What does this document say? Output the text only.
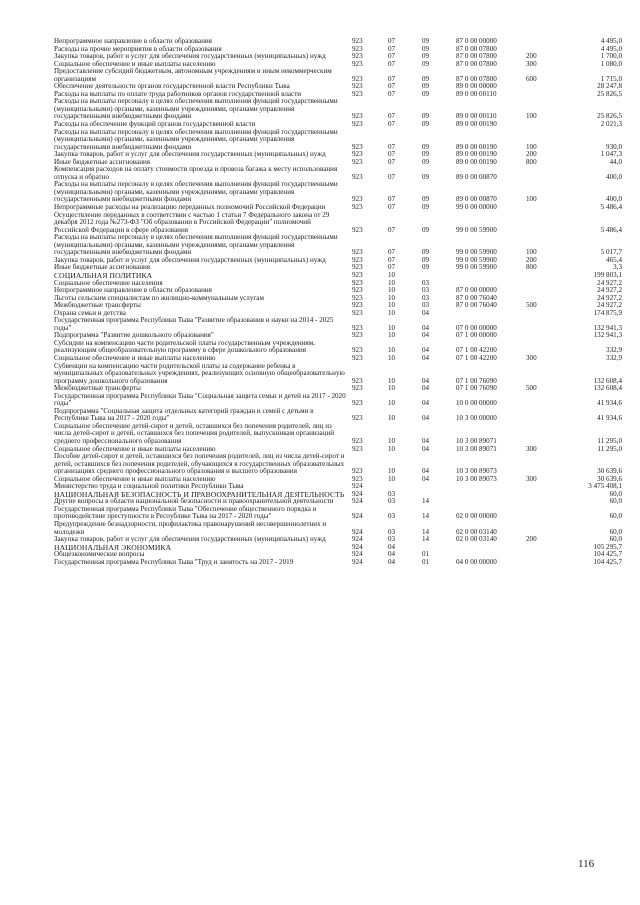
Непрограммное направление в области образования	923	07	09	87 0 00 00000	4 495,0
Расходы на прочие мероприятия в области образования	923	07	09	87 0 00 07800	4 495,0
Закупка товаров, работ и услуг для обеспечения государственных (муниципальных) нужд	923	07	09	87 0 00 07800	200	1 700,0
Социальное обеспечение и иные выплаты населению	923	07	09	87 0 00 07800	300	1 080,0
Предоставление субсидий бюджетным, автономным учреждениям и иным некоммерческим организациям	923	07	09	87 0 00 07800	600	1 715,0
Обеспечение деятельности органов государственной власти Республики Тыва	923	07	09	89 0 00 00000	28 247,8
Расходы на выплаты по оплате труда работников органов государственной власти	923	07	09	89 0 00 00110	25 826,5
Расходы на выплаты персоналу в целях обеспечения выполнения функций государственными (муниципальными) органами, казенными учреждениями, органами управления государственными внебюджетными фондами	923	07	09	89 0 00 00110	100	25 826,5
Расходы на обеспечение функций органов государственной власти	923	07	09	89 0 00 00190	2 021,3
Расходы на выплаты персоналу в целях обеспечения выполнения функций государственными (муниципальными) органами, казенными учреждениями, органами управления государственными внебюджетными фондами	923	07	09	89 0 00 00190	100	930,0
Закупка товаров, работ и услуг для обеспечения государственных (муниципальных) нужд	923	07	09	89 0 00 00190	200	1 047,3
Иные бюджетные ассигнования	923	07	09	89 0 00 00190	800	44,0
Компенсация расходов на оплату стоимости проезда и провоза багажа к месту использования отпуска и обратно	923	07	09	89 0 00 00870	400,0
Расходы на выплаты персоналу в целях обеспечения выполнения функций государственными (муниципальными) органами, казенными учреждениями, органами управления государственными внебюджетными фондами	923	07	09	89 0 00 00870	100	400,0
Непрограммные расходы на реализацию переданных полномочий Российской Федерации	923	07	09	99 0 00 00000	5 486,4
Осуществление переданных в соответствии с частью 1 статьи 7 Федерального закона от 29 декабря 2012 года №273-ФЗ "Об образовании в Российской Федерации" полномочий Российской Федерации в сфере образования	923	07	09	99 0 00 59900	5 486,4
Расходы на выплаты персоналу в целях обеспечения выполнения функций государственными (муниципальными) органами, казенными учреждениями, органами управления государственными внебюджетными фондами	923	07	09	99 0 00 59900	100	5 017,7
Закупка товаров, работ и услуг для обеспечения государственных (муниципальных) нужд	923	07	09	99 0 00 59900	200	465,4
Иные бюджетные ассигнования	923	07	09	99 0 00 59900	800	3,3
СОЦИАЛЬНАЯ ПОЛИТИКА	923	10	199 803,1
Социальное обеспечение населения	923	10	03	24 927,2
Непрограммное направление в области образования	923	10	03	87 0 00 00000	24 927,2
Льготы сельским специалистам по жилищно-коммунальным услугам	923	10	03	87 0 00 76040	24 927,2
Межбюджетные трансферты	923	10	03	87 0 00 76040	500	24 927,2
Охрана семьи и детства	923	10	04	174 875,9
Государственная программа Республики Тыва "Развитие образования и науки на 2014 - 2025 годы"	923	10	04	07 0 00 00000	132 941,3
Подпрограмма "Развитие дошкольного образования"	923	10	04	07 1 00 00000	132 941,3
Субсидии на компенсацию части родительской платы государственным учреждениям, реализующим общеобразовательную программу в сфере дошкольного образования	923	10	04	07 1 00 42200	332,9
Социальное обеспечение и иные выплаты населению	923	10	04	07 1 00 42200	300	332,9
Субвенции на компенсацию части родительской платы за содержание ребенка в муниципальных образовательных учреждениях, реализующих основную общеобразовательную программу дошкольного образования	923	10	04	07 1 00 76090	132 608,4
Межбюджетные трансферты	923	10	04	07 1 00 76090	500	132 608,4
Государственная программа Республики Тыва "Социальная защита семьи и детей на 2017 - 2020 годы"	923	10	04	10 0 00 00000	41 934,6
Подпрограмма "Социальная защита отдельных категорий граждан и семей с детьми в Республике Тыва на 2017 - 2020 годы"	923	10	04	10 3 00 00000	41 934,6
Социальное обеспечение детей-сирот и детей, оставшихся без попечения родителей, лиц из числа детей-сирот и детей, оставшихся без попечения родителей, выпускникам организаций среднего профессионального образования	923	10	04	10 3 00 89071	11 295,0
Социальное обеспечение и иные выплаты населению	923	10	04	10 3 00 89071	300	11 295,0
Пособие детей-сирот и детей, оставшихся без попечения родителей, лиц из числа детей-сирот и детей, оставшихся без попечения родителей, обучающихся в государственных образовательных организациях среднего профессионального образования и высшего образования	923	10	04	10 3 00 89073	30 639,6
Социальное обеспечение и иные выплаты населению	923	10	04	10 3 00 89073	300	30 639,6
Министерство труда и социальной политики Республики Тыва	924	3 475 408,1
НАЦИОНАЛЬНАЯ БЕЗОПАСНОСТЬ И ПРАВООХРАНИТЕЛЬНАЯ ДЕЯТЕЛЬНОСТЬ 924	03	60,0
Другие вопросы в области национальной безопасности и правоохранительной деятельности	924	03	14	60,0
Государственная программа Республики Тыва "Обеспечение общественного порядка и противодействие преступности в Республике Тыва на 2017 - 2020 годы"	924	03	14	02 0 00 00000	60,0
Предупреждение безнадзорности, профилактика правонарушений несовершеннолетних и молодежи	924	03	14	02 0 00 03140	60,0
Закупка товаров, работ и услуг для обеспечения государственных (муниципальных) нужд	924	03	14	02 0 00 03140	200	60,0
НАЦИОНАЛЬНАЯ ЭКОНОМИКА	924	04	105 295,7
Общеэкономические вопросы	924	04	01	104 425,7
Государственная программа Республики Тыва "Труд и занятость на 2017 - 2019	924	04	01	04 0 00 00000	104 425,7
116
